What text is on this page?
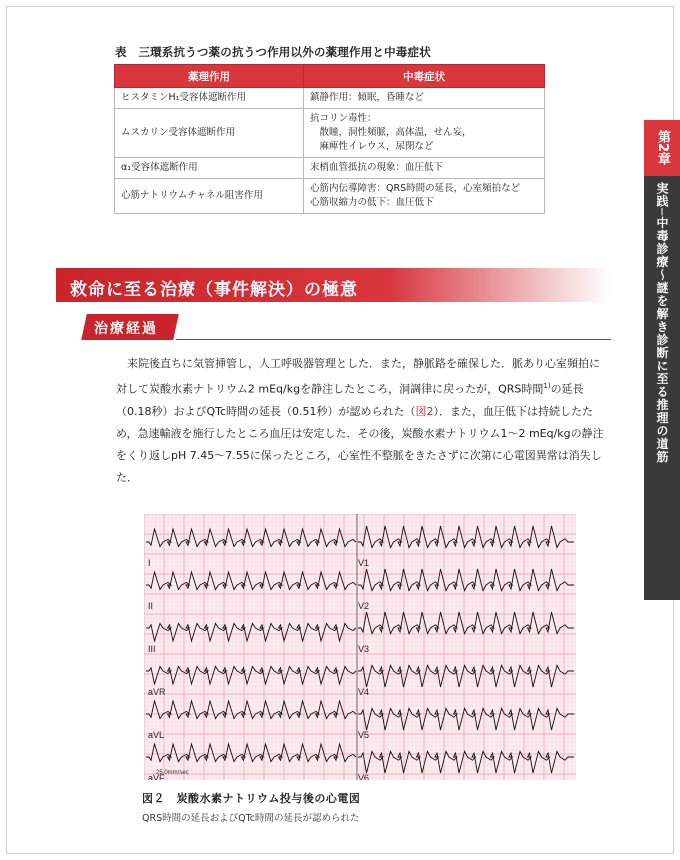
表　三環系抗うつ薬の抗うつ作用以外の薬理作用と中毒症状
薬理作用	中毒症状
ヒスタミンH₁受容体遮断作用	鎮静作用：傾眠，昏睡など

ムスカリン受容体遮断作用	抗コリン毒性：
　散瞳，洞性頻脈，高体温，せん妄，
　麻痺性イレウス，尿閉など

α₁受容体遮断作用	末梢血管抵抗の現象：血圧低下

心筋ナトリウムチャネル阻害作用	心筋内伝導障害：QRS時間の延長，心室頻拍など
心筋収縮力の低下：血圧低下
第2章
実践─中毒診療〜謎を解き診断に至る推理の道筋
救命に至る治療（事件解決）の極意
治療経過
来院後直ちに気管挿管し，人工呼吸器管理とした．また，静脈路を確保した．脈あり心室頻拍に対して炭酸水素ナトリウム2 mEq/kgを静注したところ，洞調律に戻ったが，QRS時間$^{1)}$の延長（0.18秒）およびQTc時間の延長（0.51秒）が認められた（図2）．また，血圧低下は持続したため，急速輸液を施行したところ血圧は安定した．その後，炭酸水素ナトリウム1〜2 mEq/kgの静注をくり返しpH 7.45〜7.55に保ったところ，心室性不整脈をきたさずに次第に心電図異常は消失した．
I	V1
II	V2
III	V3
aVR	V4
aVL	V5
aVF	V6
25.0mm/sec
図２　炭酸水素ナトリウム投与後の心電図
QRS時間の延長およびQTc時間の延長が認められた
